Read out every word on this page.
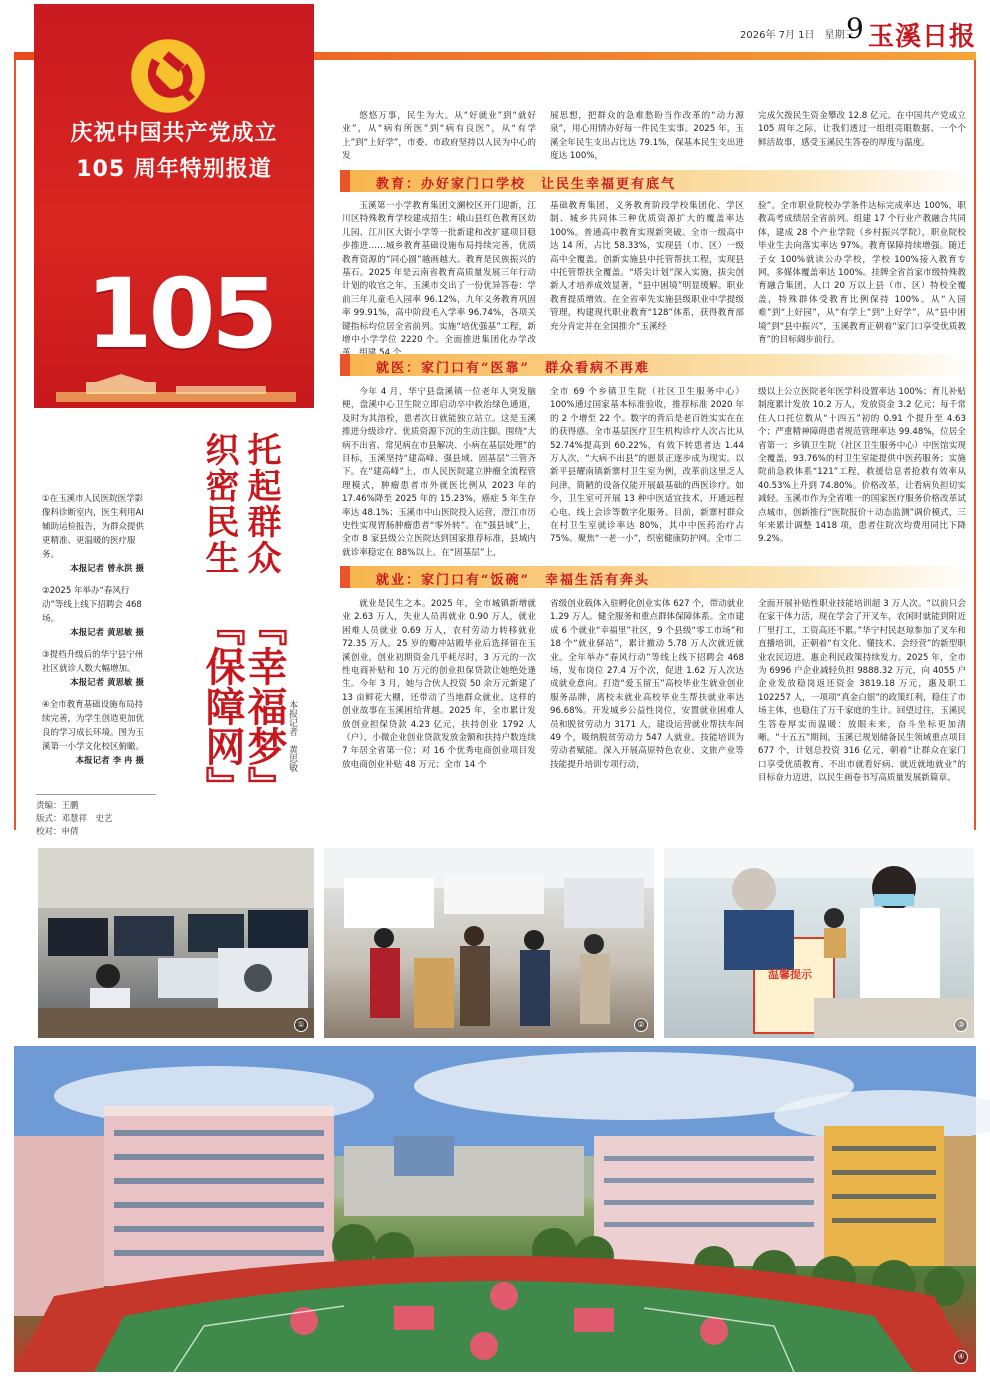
2026年 7月 1日　星期三
9 玉溪日报
庆祝中国共产党成立
105 周年特别报道
105
托起群众
织密民生
『幸福梦』
『保障网』	本报记者　黄思敏
①在玉溪市人民医院医学影像科诊断室内，医生利用AI辅助运检报告，为群众提供更精准、更温暖的医疗服务。
本报记者 曾永洪 摄
②2025 年举办“春风行动”等线上线下招聘会 468场。
本报记者 黄思敏 摄
③提档升级后的华宁县宁州社区就诊人数大幅增加。
本报记者 黄思敏 摄
④全市教育基础设施布局持续完善，为学生创造更加优良的学习成长环境。图为玉溪第一小学文化校区俯瞰。
本报记者 李 冉 摄
责编：王鹏
版式：邓慧祥　史艺
校对：申倩

悠悠万事，民生为大。从“好就业”到“就好业”，从“病有所医”到“病有良医”，从“有学上”到“上好学”，市委、市政府坚持以人民为中心的发

展思想，把群众的急难愁盼当作改革的“动力源泉”，用心用情办好每一件民生实事。2025 年，玉溪全年民生支出占比达 79.1%，保基本民生支出进度达 100%，

完成欠拨民生资金攀改 12.8 亿元。在中国共产党成立 105 周年之际，让我们透过一组组亮眼数据、一个个鲜活故事，感受玉溪民生答卷的厚度与温度。

教育：办好家门口学校　让民生幸福更有底气

玉溪第一小学教育集团文澜校区开门迎新，江川区特殊教育学校建成招生；峨山县红色教育区幼儿园、江川区大街小学等一批新建和改扩建项目稳步推进……城乡教育基础设施布局持续完善，优质教育资源的“同心圆”越画越大。教育是民族振兴的基石。2025 年是云南省教育高质量发展三年行动计划的收官之年，玉溪市交出了一份优异答卷：学前三年儿童毛入园率 96.12%，九年义务教育巩固率 99.91%，高中阶段毛入学率 96.74%，各项关键指标均位居全省前列。实施“培优强基”工程，新增中小学学位 2220 个。全面推进集团化办学改

基础教育集团，义务教育阶段学校集团化、学区制、城乡共同体三种优质资源扩大的覆盖率达 100%。普通高中教育实现新突破。全市一级高中达 14 所，占比 58.33%，实现县（市、区）一级高中全覆盖。创新实施县中托管帮扶工程，实现县中托管帮扶全覆盖。“塔尖计划”深入实施，拔尖创新人才培养成效显著，“县中困境”明显缓解。职业教育提质增效。在全省率先实施县级职业中学提级管理，构建现代职业教育“128”体系，获得教育部充分肯定并在全国推介“玉溪经

验”。全市职业院校办学条件达标完成率达 100%，职教高考成绩居全省前列。组建 17 个行业产教融合共同体，建成 28 个产业学院（乡村振兴学院），职业院校毕业生去向落实率达 97%。教育保障持续增强。随迁子女 100%就读公办学校，学校 100%接入教育专网，多媒体覆盖率达 100%。挂牌全省首家市级特殊教育融合集团，人口 20 万以上县（市、区）特校全覆盖，特殊群体受教育比例保持 100%。从“入园难”到“上好园”，从“有学上”到“上好学”，从“县中困境”到“县中振兴”，玉溪教育正朝着“家门口享受优质教育”的目标阔步前行。

就医：家门口有“医靠”　群众看病不再难

今年 4 月，华宁县盘溪镇一位老年人突发脑梗，盘溪中心卫生院立即启动卒中救治绿色通道，及时为其溶栓，患者次日就能独立站立。这是玉溪推进分级诊疗、优质资源下沉的生动注脚。围绕“大病不出省、常见病在市县解决、小病在基层处理”的目标，玉溪坚持“建高峰、强县域、固基层”三管齐下。在“建高峰”上，市人民医院建立肿瘤全流程管理模式，肿瘤患者市外就医比例从 2023 年的 17.46%降至 2025 年的 15.23%，癌症 5 年生存率达 48.1%；玉溪市中山医院投入运营，澄江市历史性实现胃肠肿瘤患者“零外转”。在“强县域”上，全市 8 家县级公立医院达到国家推荐标准，县域内就诊率稳定在 88%以上。在“固基层”上，

全市 69 个乡镇卫生院（社区卫生服务中心）100%通过国家基本标准验收，推荐标准 2020 年的 2 个增至 22 个。数字的背后是老百姓实实在在的获得感。全市基层医疗卫生机构诊疗人次占比从 52.74%提高到 60.22%，有效下转患者达 1.44 万人次，“大病不出县”的愿景正逐步成为现实。以新平县耀南镇新寨村卫生室为例，改革前这里乏人问津，简陋的设备仅能开展最基础的西医诊疗。如今，卫生室可开展 13 种中医适宜技术，开通远程心电、线上会诊等数字化服务。目前，新寨村群众在村卫生室就诊率达 80%，其中中医药治疗占 75%。聚焦“一老一小”，织密健康防护网。全市二

级以上公立医院老年医学科设置率达 100%；育儿补贴制度累计发放 10.2 万人，发放资金 3.2 亿元；每千常住人口托位数从“十四五”初的 0.91 个提升至 4.63 个；严重精神障碍患者规范管理率达 99.48%，位居全省第一；乡镇卫生院（社区卫生服务中心）中医馆实现全覆盖，93.76%的村卫生室能提供中医药服务；实施院前急救体系“121”工程，救援信息者抢救有效率从 40.53%上升到 74.80%。价格改革，让看病负担切实减轻。玉溪市作为全省唯一的国家医疗服务价格改革试点城市，创新推行“医院报价＋动态监测”调价模式，三年来累计调整 1418 项，患者住院次均费用同比下降 9.2%。

就业：家门口有“饭碗”　幸福生活有奔头

就业是民生之本。2025 年，全市城镇新增就业 2.63 万人，失业人员再就业 0.90 万人，就业困难人员就业 0.69 万人，农村劳动力转移就业 72.35 万人。25 岁的瓣冲站殿毕业后选择留在玉溪创业，创业初期资金几乎耗尽时，3 万元的一次性电商补贴和 10 万元的创业担保贷款让她绝处逢生。今年 3 月，她与合伙人投资 50 余万元新建了 13 亩鲜花大棚，还带动了当地群众就业。这样的创业故事在玉溪困给背越。2025 年，全市累计发放创业担保贷款 4.23 亿元，扶持创业 1792 人（户），小微企业创业贷款发放金额和扶持户数连续 7 年居全省第一位；对 16 个优秀电商创业项目发放电商创业补贴 48 万元；全市 14 个

省级创业载体入驻孵化创业实体 627 个，带动就业 1.29 万人。健全服务和重点群体保障体系。全市建成 6 个就业“幸福里”社区，9 个县级“零工市场”和 18 个“就业驿站”，累计撤动 5.78 万人次就近就业。全年举办“春风行动”等线上线下招聘会 468 场，发布岗位 27.4 万个次，促进 1.62 万人次达成就业意向。打造“爱玉留玉”高校毕业生就业创业服务品牌，离校未就业高校毕业生帮扶就业率达 96.68%。开发城乡公益性岗位，安置就业困难人员和脱贫劳动力 3171 人，建设运营就业帮扶车间 49 个，吸纳脱贫劳动力 547 人就业。技能培训为劳动者赋能。深入开展高原特色农业、文旅产业等技能提升培训专项行动，

全面开展补贴性职业技能培训超 3 万人次。“以前只会在家干体力活，现在学会了开叉车，农闲时就能到附近厂里打工，工资高还不累。”华宁村民赵琼参加了叉车和直播培训，正朝着“有文化、懂技术、会经营”的新型职业农民迈进。惠企利民政策持续发力。2025 年，全市为 6996 户企业减轻负担 9888.32 万元，向 4055 户企业发放稳岗返还资金 3819.18 万元，惠及职工 102257 人，一项项“真金白银”的政策红利，稳住了市场主体，也稳住了万千家庭的生计。回望过往，玉溪民生答卷厚实而温暖：放眼未来，奋斗坐标更加清晰。“十五五”期间，玉溪已规划储备民生领域重点项目 677 个，计划总投资 316 亿元，朝着“让群众在家门口享受优质教育、不出市就看好病、就近就地就业”的目标奋力迈进，以民生画卷书写高质量发展新篇章。

①	②
温馨提示
③
④
